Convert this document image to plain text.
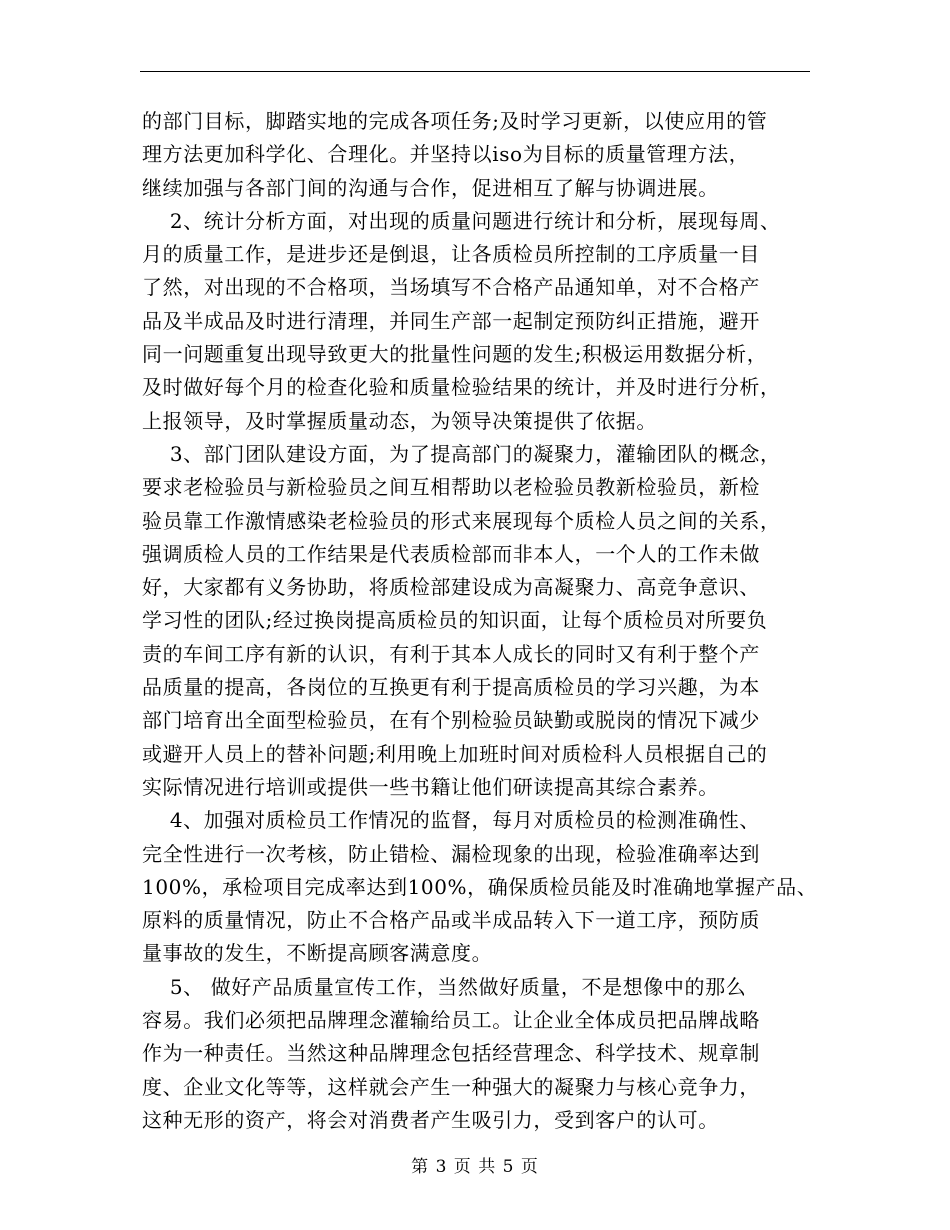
的部门目标，脚踏实地的完成各项任务;及时学习更新，以使应用的管
理方法更加科学化、合理化。并坚持以iso为目标的质量管理方法，
继续加强与各部门间的沟通与合作，促进相互了解与协调进展。
2、统计分析方面，对出现的质量问题进行统计和分析，展现每周、
月的质量工作，是进步还是倒退，让各质检员所控制的工序质量一目
了然，对出现的不合格项，当场填写不合格产品通知单，对不合格产
品及半成品及时进行清理，并同生产部一起制定预防纠正措施，避开
同一问题重复出现导致更大的批量性问题的发生;积极运用数据分析，
及时做好每个月的检查化验和质量检验结果的统计，并及时进行分析，
上报领导，及时掌握质量动态，为领导决策提供了依据。
3、部门团队建设方面，为了提高部门的凝聚力，灌输团队的概念，
要求老检验员与新检验员之间互相帮助以老检验员教新检验员，新检
验员靠工作激情感染老检验员的形式来展现每个质检人员之间的关系，
强调质检人员的工作结果是代表质检部而非本人，一个人的工作未做
好，大家都有义务协助，将质检部建设成为高凝聚力、高竞争意识、
学习性的团队;经过换岗提高质检员的知识面，让每个质检员对所要负
责的车间工序有新的认识，有利于其本人成长的同时又有利于整个产
品质量的提高，各岗位的互换更有利于提高质检员的学习兴趣，为本
部门培育出全面型检验员，在有个别检验员缺勤或脱岗的情况下减少
或避开人员上的替补问题;利用晚上加班时间对质检科人员根据自己的
实际情况进行培训或提供一些书籍让他们研读提高其综合素养。
4、加强对质检员工作情况的监督，每月对质检员的检测准确性、
完全性进行一次考核，防止错检、漏检现象的出现，检验准确率达到
100%，承检项目完成率达到100%，确保质检员能及时准确地掌握产品、
原料的质量情况，防止不合格产品或半成品转入下一道工序，预防质
量事故的发生，不断提高顾客满意度。
5、 做好产品质量宣传工作，当然做好质量，不是想像中的那么
容易。我们必须把品牌理念灌输给员工。让企业全体成员把品牌战略
作为一种责任。当然这种品牌理念包括经营理念、科学技术、规章制
度、企业文化等等，这样就会产生一种强大的凝聚力与核心竞争力，
这种无形的资产，将会对消费者产生吸引力，受到客户的认可。
第 3 页 共 5 页
